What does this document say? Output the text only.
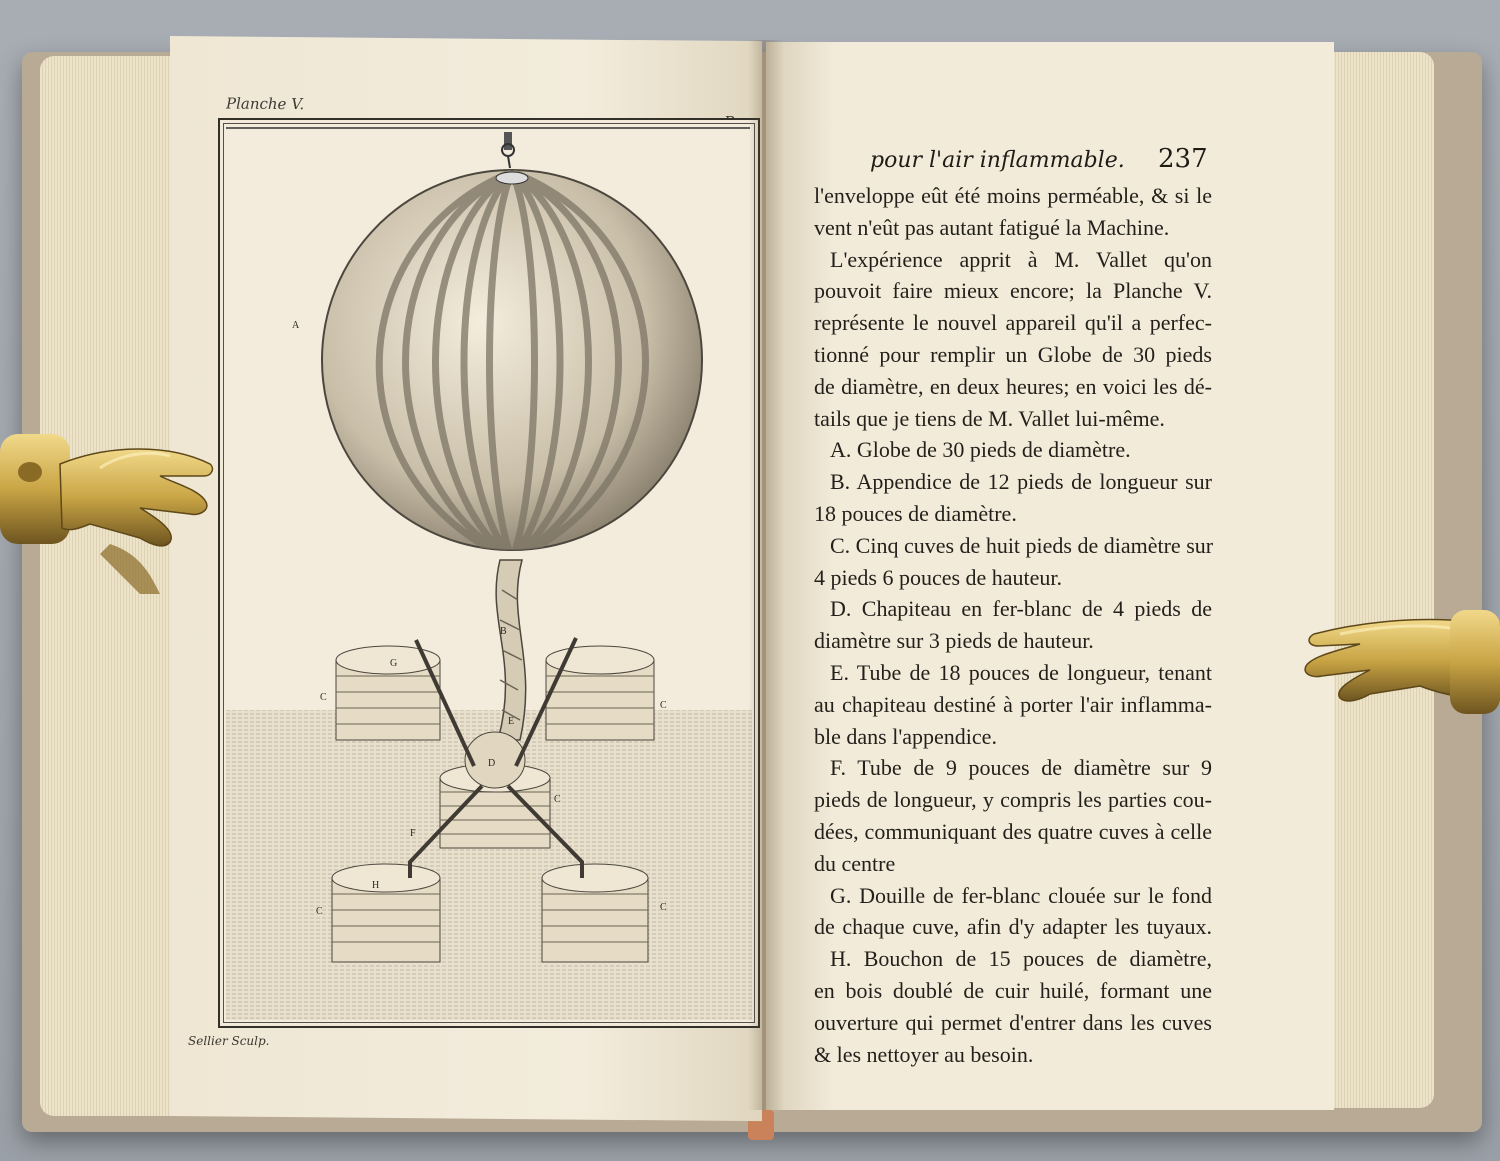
Planche V.
A
B
C
C
C
C	C
D
E
F
G
H
Sellier Sculp.
pour l'air inflammable. 237
l'enveloppe eût été moins perméable, & si le
vent n'eût pas autant fatigué la Machine.
L'expérience apprit à M. Vallet qu'on
pouvoit faire mieux encore; la Planche V.
représente le nouvel appareil qu'il a perfec-
tionné pour remplir un Globe de 30 pieds
de diamètre, en deux heures; en voici les dé-
tails que je tiens de M. Vallet lui-même.
A. Globe de 30 pieds de diamètre.
B. Appendice de 12 pieds de longueur sur
18 pouces de diamètre.
C. Cinq cuves de huit pieds de diamètre sur
4 pieds 6 pouces de hauteur.
D. Chapiteau en fer-blanc de 4 pieds de
diamètre sur 3 pieds de hauteur.
E. Tube de 18 pouces de longueur, tenant
au chapiteau destiné à porter l'air inflamma-
ble dans l'appendice.
F. Tube de 9 pouces de diamètre sur 9
pieds de longueur, y compris les parties cou-
dées, communiquant des quatre cuves à celle
du centre
G. Douille de fer-blanc clouée sur le fond
de chaque cuve, afin d'y adapter les tuyaux.
H. Bouchon de 15 pouces de diamètre,
en bois doublé de cuir huilé, formant une
ouverture qui permet d'entrer dans les cuves
& les nettoyer au besoin.
